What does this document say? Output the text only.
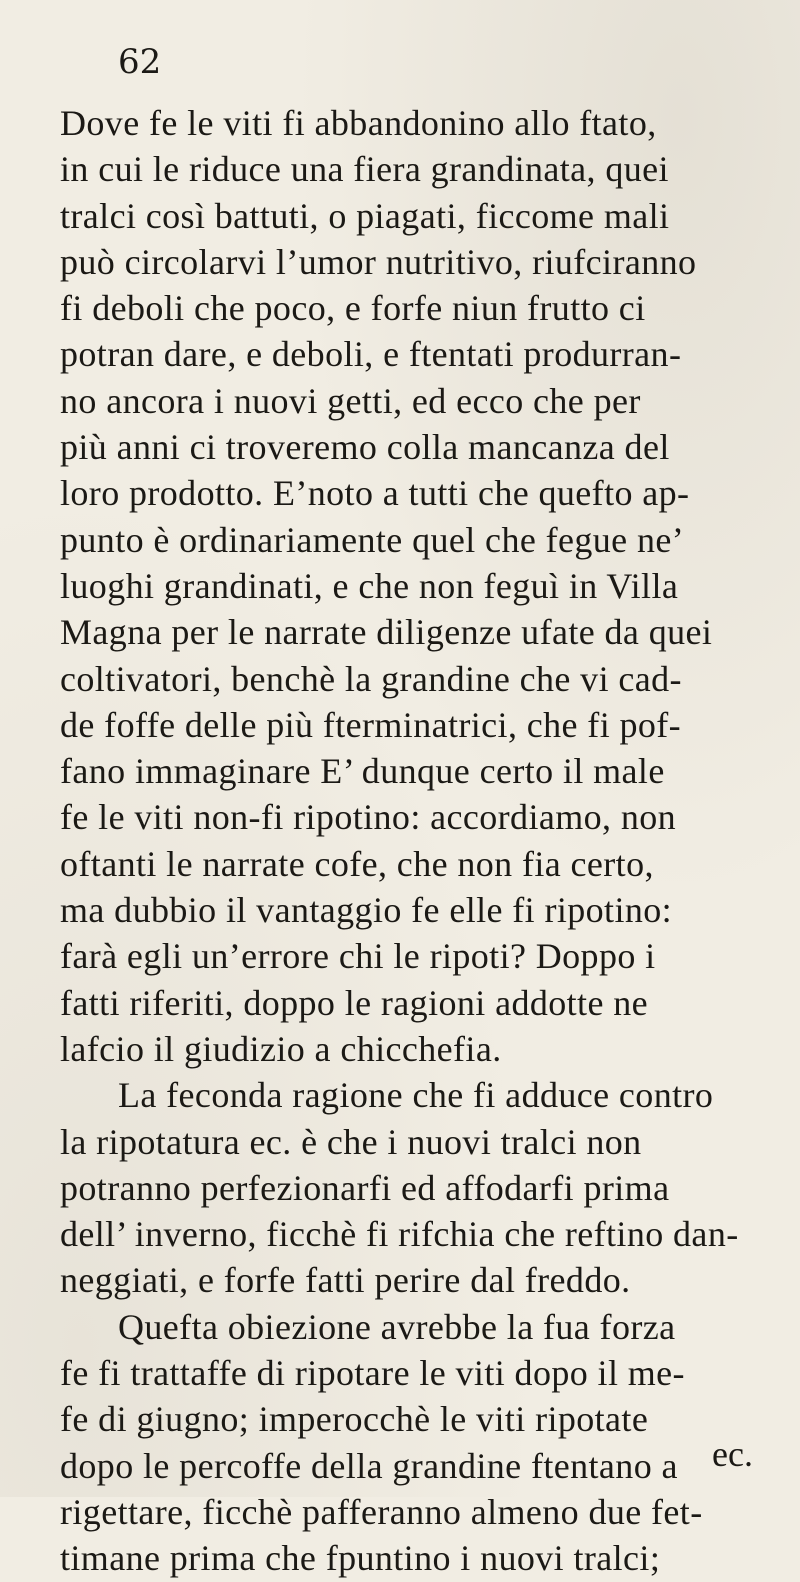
62
Dove fe le viti fi abbandonino allo ftato,
in cui le riduce una fiera grandinata, quei
tralci così battuti, o piagati, ficcome mali
può circolarvi l’umor nutritivo, riufciranno
fi deboli che poco, e forfe niun frutto ci
potran dare, e deboli, e ftentati produrran-
no ancora i nuovi getti, ed ecco che per
più anni ci troveremo colla mancanza del
loro prodotto. E’noto a tutti che quefto ap-
punto è ordinariamente quel che fegue ne’
luoghi grandinati, e che non feguì in Villa
Magna per le narrate diligenze ufate da quei
coltivatori, benchè la grandine che vi cad-
de foffe delle più fterminatrici, che fi pof-
fano immaginare E’ dunque certo il male
fe le viti non-fi ripotino: accordiamo, non
oftanti le narrate cofe, che non fia certo,
ma dubbio il vantaggio fe elle fi ripotino:
farà egli un’errore chi le ripoti? Doppo i
fatti riferiti, doppo le ragioni addotte ne
lafcio il giudizio a chicchefia.
La feconda ragione che fi adduce contro
la ripotatura ec. è che i nuovi tralci non
potranno perfezionarfi ed affodarfi prima
dell’ inverno, ficchè fi rifchia che reftino dan-
neggiati, e forfe fatti perire dal freddo.
Quefta obiezione avrebbe la fua forza
fe fi trattaffe di ripotare le viti dopo il me-
fe di giugno; imperocchè le viti ripotate
dopo le percoffe della grandine ftentano a
rigettare, ficchè pafferanno almeno due fet-
timane prima che fpuntino i nuovi tralci;
ec.
